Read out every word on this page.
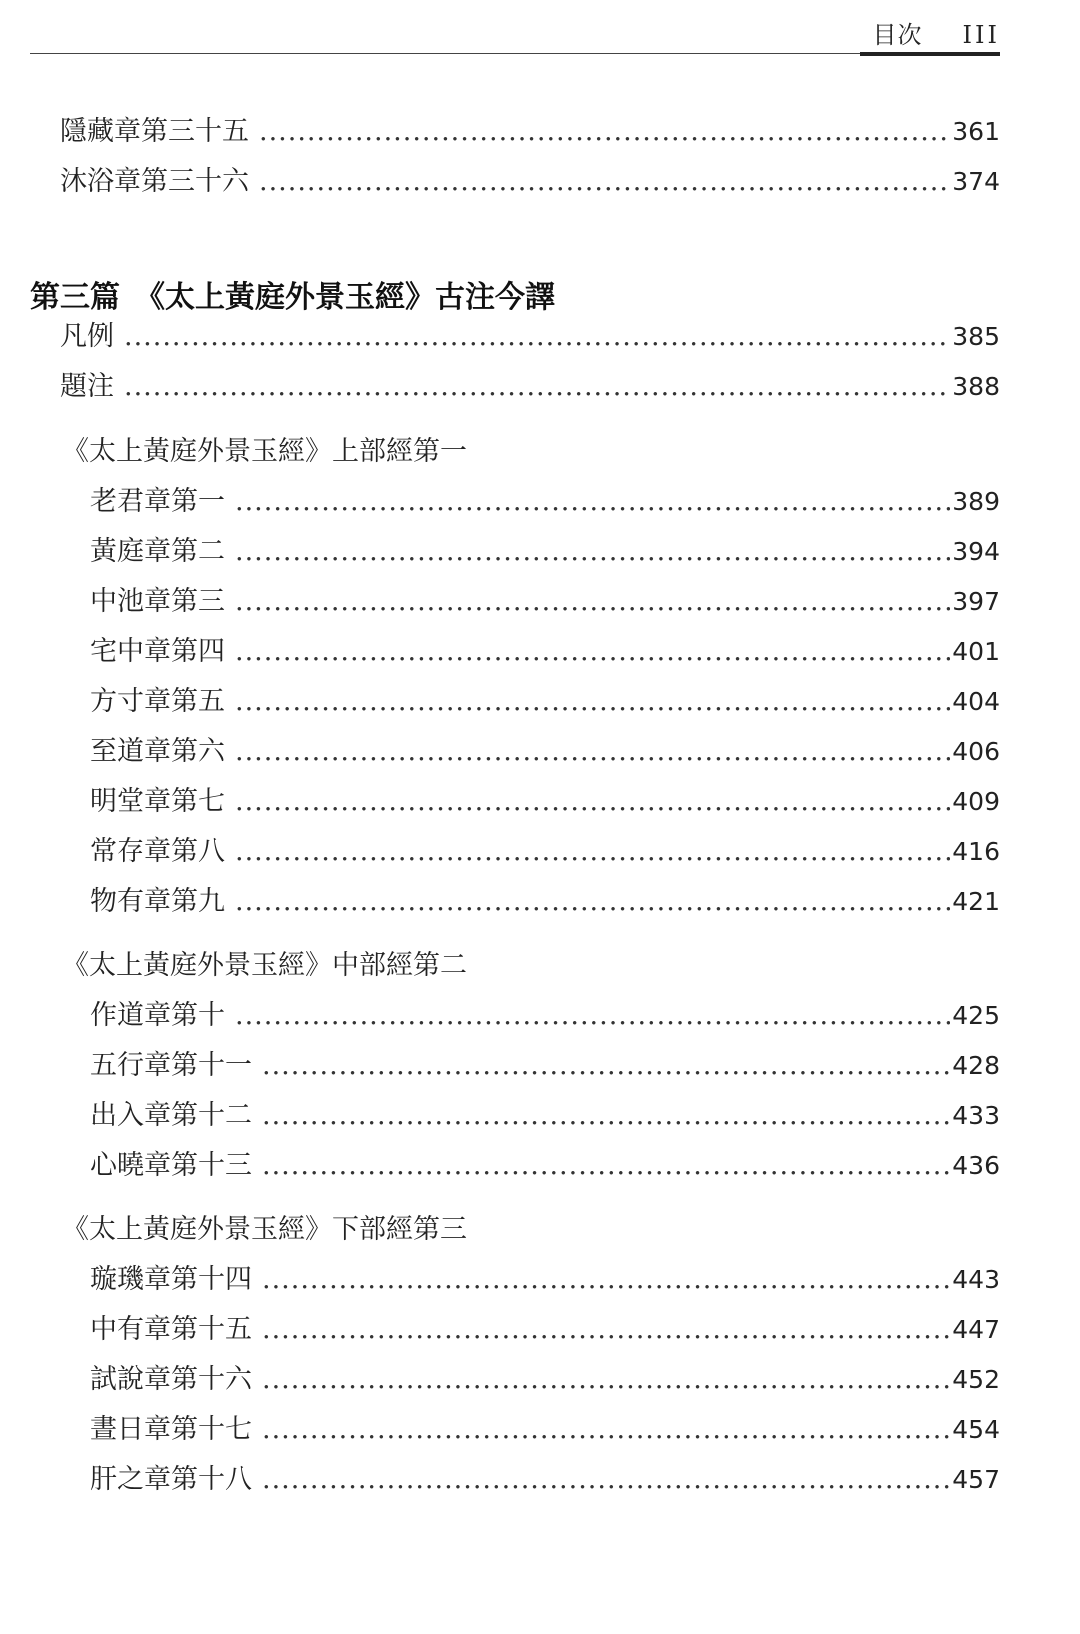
目次 III
隱藏章第三十五 .....	361
沐浴章第三十六 .....	374
第三篇　《太上黃庭外景玉經》古注今譯
凡例 .....	385
題注 .....	388
《太上黃庭外景玉經》上部經第一
老君章第一 .....	389
黃庭章第二 .....	394
中池章第三 .....	397
宅中章第四 .....	401
方寸章第五 .....	404
至道章第六 .....	406
明堂章第七 .....	409
常存章第八 .....	416
物有章第九 .....	421
《太上黃庭外景玉經》中部經第二
作道章第十 .....	425
五行章第十一 .....	428
出入章第十二 .....	433
心曉章第十三 .....	436
《太上黃庭外景玉經》下部經第三
璇璣章第十四 .....	443
中有章第十五 .....	447
試說章第十六 .....	452
晝日章第十七 .....	454
肝之章第十八 .....	457
